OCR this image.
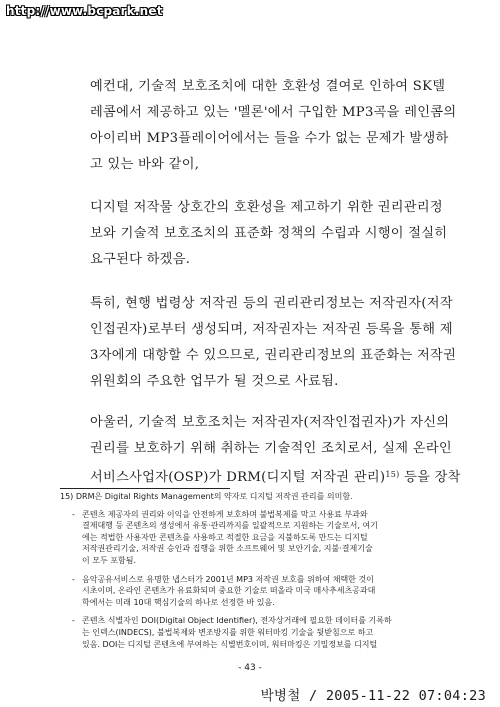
http://www.bcpark.net

예컨대, 기술적 보호조치에 대한 호환성 결여로 인하여 SK텔
레콤에서 제공하고 있는 '멜론'에서 구입한 MP3곡을 레인콤의
아이리버 MP3플레이어에서는 들을 수가 없는 문제가 발생하
고 있는 바와 같이,

디지털 저작물 상호간의 호환성을 제고하기 위한 권리관리정
보와 기술적 보호조치의 표준화 정책의 수립과 시행이 절실히
요구된다 하겠음.

특히, 현행 법령상 저작권 등의 권리관리정보는 저작권자(저작
인접권자)로부터 생성되며, 저작권자는 저작권 등록을 통해 제
3자에게 대항할 수 있으므로, 권리관리정보의 표준화는 저작권
위원회의 주요한 업무가 될 것으로 사료됨.

아울러, 기술적 보호조치는 저작권자(저작인접권자)가 자신의
권리를 보호하기 위해 취하는 기술적인 조치로서, 실제 온라인
서비스사업자(OSP)가 DRM(디지털 저작권 관리)$^{15)}$ 등을 장착

15) DRM은 Digital Rights Management의 약자로 디지털 저작권 관리를 의미함.

- 콘텐츠 제공자의 권리와 이익을 안전하게 보호하며 불법복제를 막고 사용료 부과와
결제대행 등 콘텐츠의 생성에서 유통·관리까지를 일괄적으로 지원하는 기술로서, 여기
에는 적법한 사용자만 콘텐츠를 사용하고 적절한 요금을 지불하도록 만드는 디지털
저작권관리기술, 저작권 승인과 집행을 위한 소프트웨어 및 보안기술, 지불·결제기술
이 모두 포함됨.
- 음악공유서비스로 유명한 냅스터가 2001년 MP3 저작권 보호를 위하여 채택한 것이
시초이며, 온라인 콘텐츠가 유료화되며 중요한 기술로 떠올라 미국 매사추세츠공과대
학에서는 미래 10대 핵심기술의 하나로 선정한 바 있음.
- 콘텐츠 식별자인 DOI(Digital Object Identifier), 전자상거래에 필요한 데이터를 기록하
는 인덱스(INDECS), 불법복제와 변조방지를 위한 워터마킹 기술을 뒷받침으로 하고
있음. DOI는 디지털 콘텐츠에 부여하는 식별번호이며, 워터마킹은 기밀정보를 디지털
- 43 -
박병철 / 2005-11-22 07:04:23
